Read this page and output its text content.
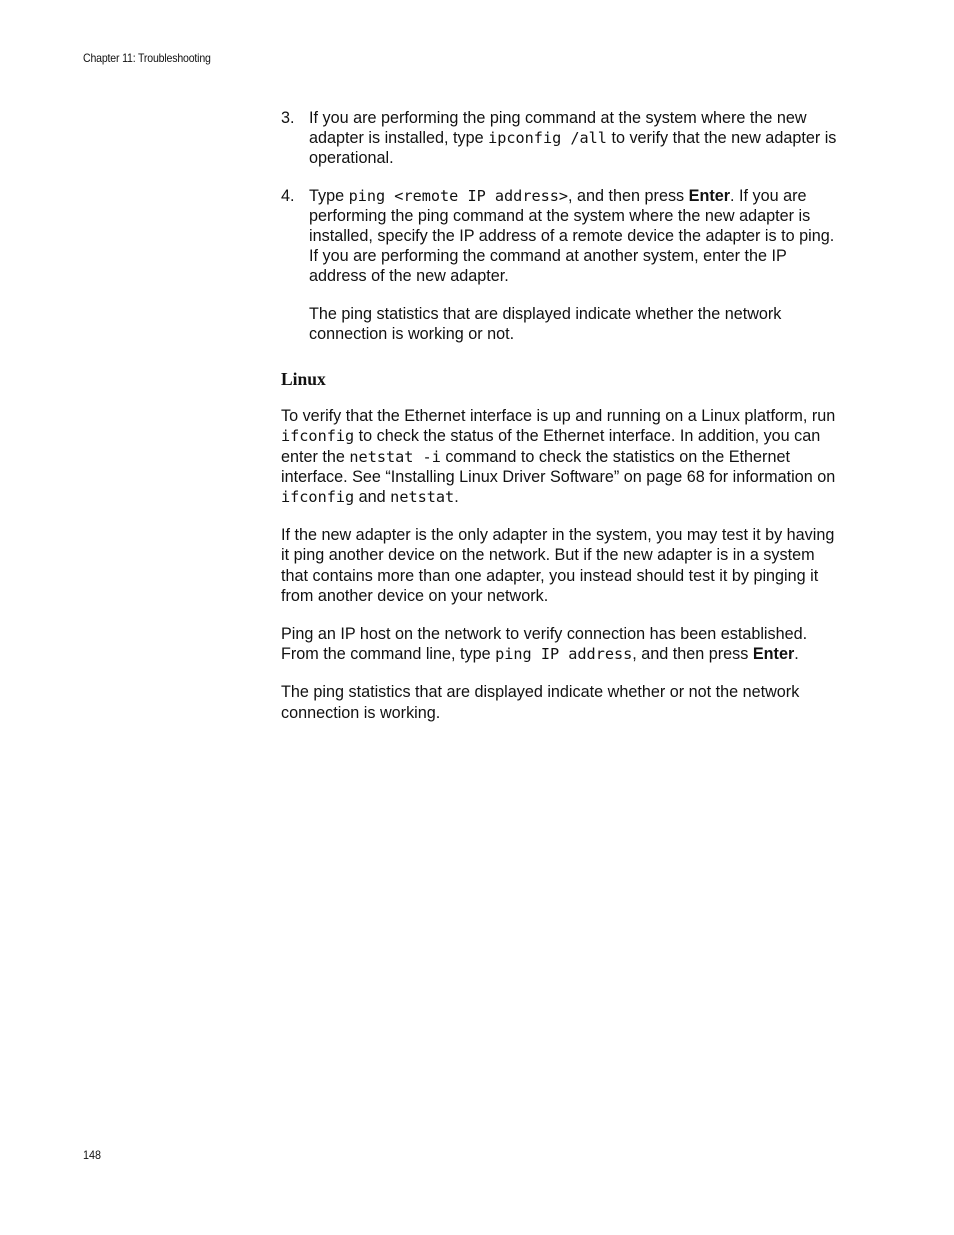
Chapter 11: Troubleshooting
3. If you are performing the ping command at the system where the new adapter is installed, type ipconfig /all to verify that the new adapter is operational.

4. Type ping <remote IP address>, and then press Enter. If you are performing the ping command at the system where the new adapter is installed, specify the IP address of a remote device the adapter is to ping. If you are performing the command at another system, enter the IP address of the new adapter.

The ping statistics that are displayed indicate whether the network connection is working or not.

Linux

To verify that the Ethernet interface is up and running on a Linux platform, run ifconfig to check the status of the Ethernet interface. In addition, you can enter the netstat -i command to check the statistics on the Ethernet interface. See “Installing Linux Driver Software” on page 68 for information on ifconfig and netstat.

If the new adapter is the only adapter in the system, you may test it by having it ping another device on the network. But if the new adapter is in a system that contains more than one adapter, you instead should test it by pinging it from another device on your network.

Ping an IP host on the network to verify connection has been established. From the command line, type ping IP address, and then press Enter.

The ping statistics that are displayed indicate whether or not the network connection is working.

148
